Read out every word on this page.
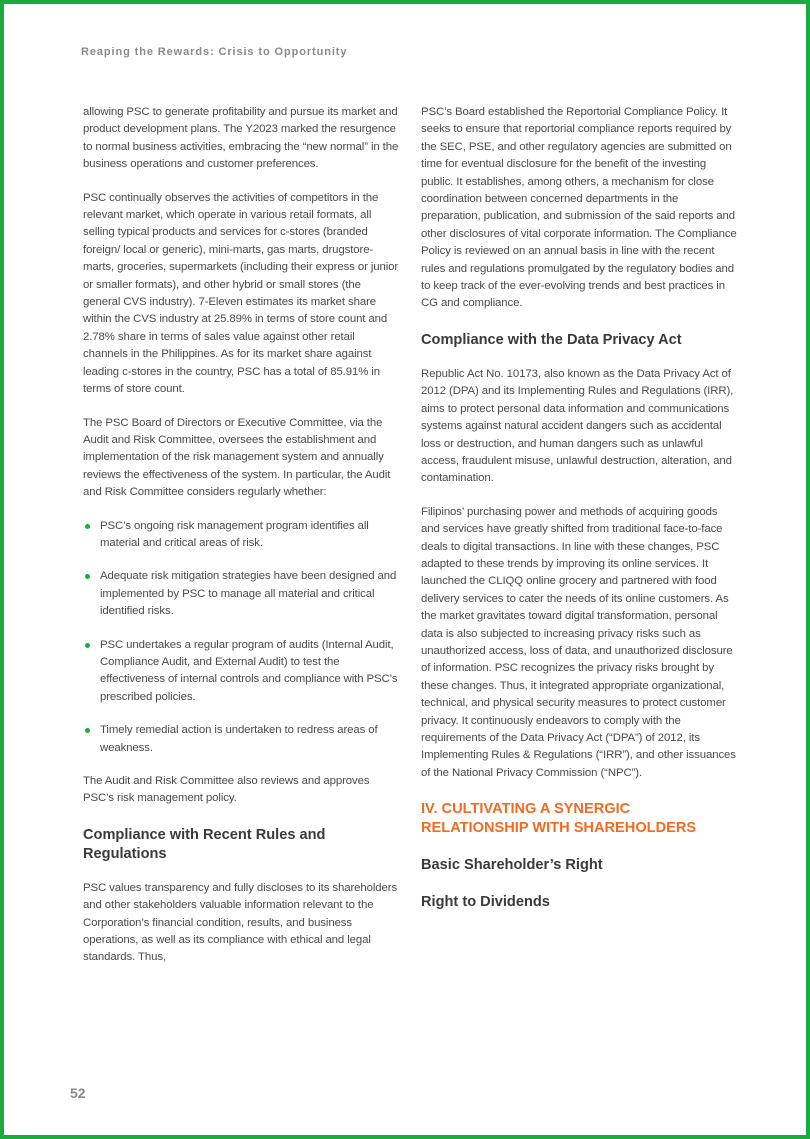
Reaping the Rewards: Crisis to Opportunity

allowing PSC to generate profitability and pursue its market and product development plans. The Y2023 marked the resurgence to normal business activities, embracing the “new normal” in the business operations and customer preferences.

PSC continually observes the activities of competitors in the relevant market, which operate in various retail formats, all selling typical products and services for c-stores (branded foreign/ local or generic), mini-marts, gas marts, drugstore-marts, groceries, supermarkets (including their express or junior or smaller formats), and other hybrid or small stores (the general CVS industry). 7-Eleven estimates its market share within the CVS industry at 25.89% in terms of store count and 2.78% share in terms of sales value against other retail channels in the Philippines. As for its market share against leading c-stores in the country, PSC has a total of 85.91% in terms of store count.

The PSC Board of Directors or Executive Committee, via the Audit and Risk Committee, oversees the establishment and implementation of the risk management system and annually reviews the effectiveness of the system. In particular, the Audit and Risk Committee considers regularly whether:

PSC’s ongoing risk management program identifies all material and critical areas of risk.
Adequate risk mitigation strategies have been designed and implemented by PSC to manage all material and critical identified risks.
PSC undertakes a regular program of audits (Internal Audit, Compliance Audit, and External Audit) to test the effectiveness of internal controls and compliance with PSC’s prescribed policies.
Timely remedial action is undertaken to redress areas of weakness.

The Audit and Risk Committee also reviews and approves PSC’s risk management policy.

Compliance with Recent Rules and Regulations

PSC values transparency and fully discloses to its shareholders and other stakeholders valuable information relevant to the Corporation’s financial condition, results, and business operations, as well as its compliance with ethical and legal standards. Thus,

PSC’s Board established the Reportorial Compliance Policy. It seeks to ensure that reportorial compliance reports required by the SEC, PSE, and other regulatory agencies are submitted on time for eventual disclosure for the benefit of the investing public. It establishes, among others, a mechanism for close coordination between concerned departments in the preparation, publication, and submission of the said reports and other disclosures of vital corporate information. The Compliance Policy is reviewed on an annual basis in line with the recent rules and regulations promulgated by the regulatory bodies and to keep track of the ever-evolving trends and best practices in CG and compliance.

Compliance with the Data Privacy Act

Republic Act No. 10173, also known as the Data Privacy Act of 2012 (DPA) and its Implementing Rules and Regulations (IRR), aims to protect personal data information and communications systems against natural accident dangers such as accidental loss or destruction, and human dangers such as unlawful access, fraudulent misuse, unlawful destruction, alteration, and contamination.

Filipinos’ purchasing power and methods of acquiring goods and services have greatly shifted from traditional face-to-face deals to digital transactions. In line with these changes, PSC adapted to these trends by improving its online services. It launched the CLIQQ online grocery and partnered with food delivery services to cater the needs of its online customers. As the market gravitates toward digital transformation, personal data is also subjected to increasing privacy risks such as unauthorized access, loss of data, and unauthorized disclosure of information. PSC recognizes the privacy risks brought by these changes. Thus, it integrated appropriate organizational, technical, and physical security measures to protect customer privacy. It continuously endeavors to comply with the requirements of the Data Privacy Act (“DPA”) of 2012, its Implementing Rules & Regulations (“IRR”), and other issuances of the National Privacy Commission (“NPC”).

IV. CULTIVATING A SYNERGIC RELATIONSHIP WITH SHAREHOLDERS
Basic Shareholder’s Right
Right to Dividends
52
